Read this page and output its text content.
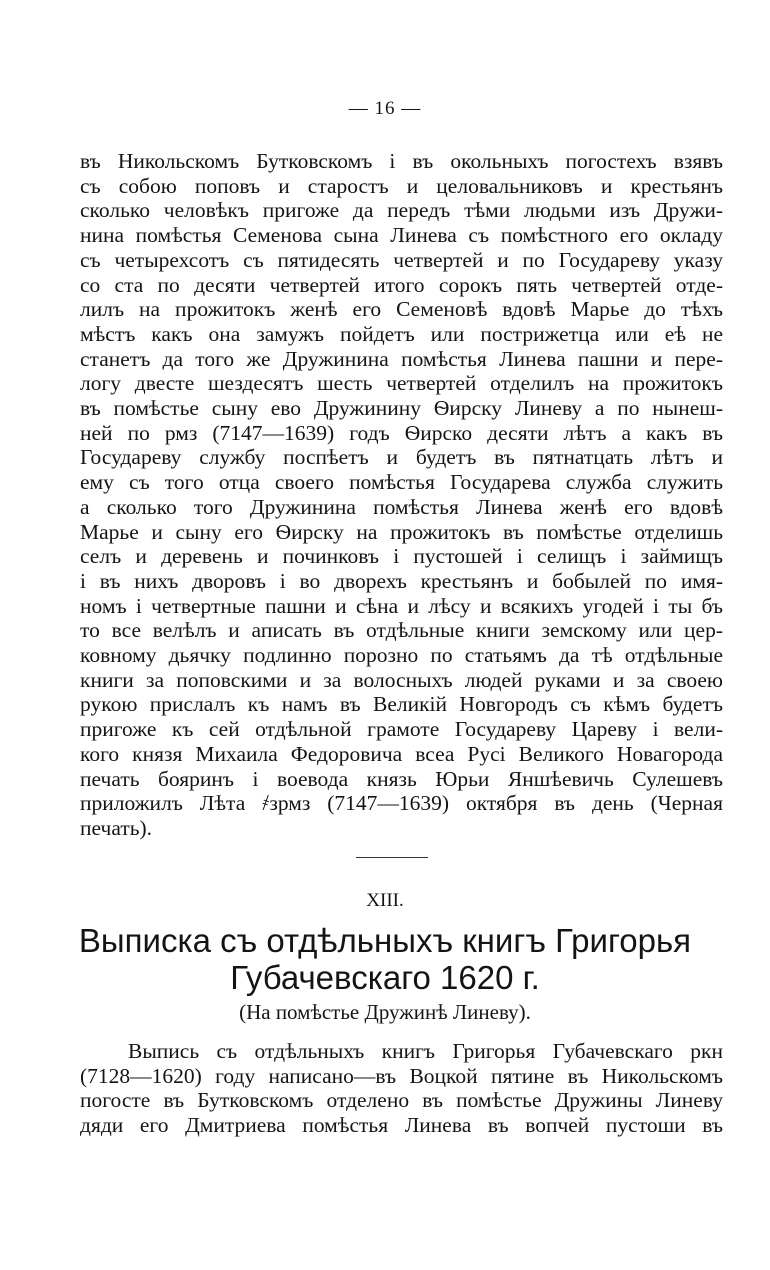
— 16 —
въ Никольскомъ Бутковскомъ і въ окольныхъ погостехъ взявъ
съ собою поповъ и старостъ и целовальниковъ и крестьянъ
сколько человѣкъ пригоже да передъ тѣми людьми изъ Дружи-
нина помѣстья Семенова сына Линева съ помѣстного его окладу
съ четырехсотъ съ пятидесять четвертей и по Государеву указу
со ста по десяти четвертей итого сорокъ пять четвертей отде-
лилъ на прожитокъ женѣ его Семеновѣ вдовѣ Марье до тѣхъ
мѣстъ какъ она замужъ пойдетъ или пострижетца или еѣ не
станетъ да того же Дружинина помѣстья Линева пашни и пере-
логу двесте шездесятъ шесть четвертей отделилъ на прожитокъ
въ помѣстье сыну ево Дружинину Ѳирску Линеву а по нынеш-
ней по рмз (7147—1639) годъ Ѳирско десяти лѣтъ а какъ въ
Государеву службу поспѣетъ и будетъ въ пятнатцать лѣтъ и
ему съ того отца своего помѣстья Государева служба служить
а сколько того Дружинина помѣстья Линева женѣ его вдовѣ
Марье и сыну его Ѳирску на прожитокъ въ помѣстье отделишь
селъ и деревень и починковъ і пустошей і селищъ і займищъ
і въ нихъ дворовъ і во дворехъ крестьянъ и бобылей по имя-
номъ і четвертные пашни и сѣна и лѣсу и всякихъ угодей і ты бъ
то все велѣлъ и аписать въ отдѣльные книги земскому или цер-
ковному дьячку подлинно порозно по статьямъ да тѣ отдѣльные
книги за поповскими и за волосныхъ людей руками и за своею
рукою прислалъ къ намъ въ Великій Новгородъ съ кѣмъ будетъ
пригоже къ сей отдѣльной грамоте Государеву Цареву і вели-
кого князя Михаила Федоровича всеа Русі Великого Новагорода
печать бояринъ і воевода князь Юрьи Яншѣевичь Сулешевъ
приложилъ Лѣта ҂зрмз (7147—1639) октября въ день (Черная
печать).
XIII.
Выписка съ отдѣльныхъ книгъ Григорья
Губачевскаго 1620 г.
(На помѣстье Дружинѣ Линеву).
Выпись съ отдѣльныхъ книгъ Григорья Губачевскаго ркн
(7128—1620) году написано—въ Воцкой пятине въ Никольскомъ
погосте въ Бутковскомъ отделено въ помѣстье Дружины Линеву
дяди его Дмитриева помѣстья Линева въ вопчей пустоши въ
